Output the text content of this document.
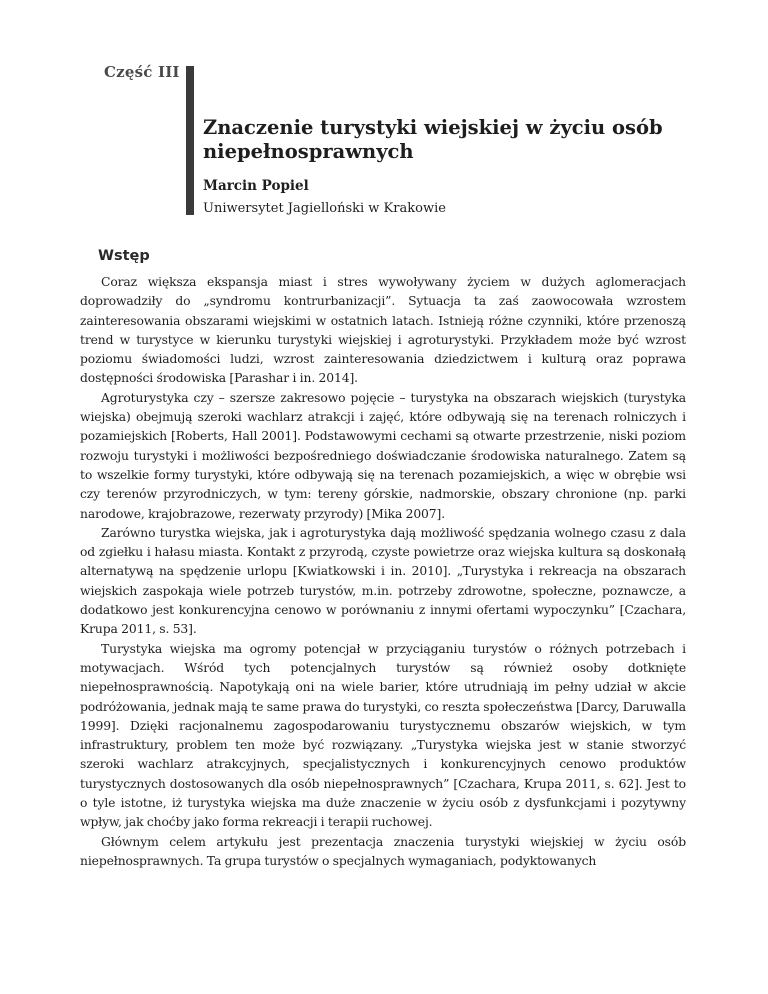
Część III
Znaczenie turystyki wiejskiej w życiu osób niepełnosprawnych
Marcin Popiel
Uniwersytet Jagielloński w Krakowie
Wstęp

Coraz większa ekspansja miast i stres wywoływany życiem w dużych aglomeracjach doprowadziły do „syndromu kontrurbanizacji”. Sytuacja ta zaś zaowocowała wzrostem zainteresowania obszarami wiejskimi w ostatnich latach. Istnieją różne czynniki, które przenoszą trend w turystyce w kierunku turystyki wiejskiej i agroturystyki. Przykładem może być wzrost poziomu świadomości ludzi, wzrost zainteresowania dziedzictwem i kulturą oraz poprawa dostępności środowiska [Parashar i in. 2014].

Agroturystyka czy – szersze zakresowo pojęcie – turystyka na obszarach wiejskich (turystyka wiejska) obejmują szeroki wachlarz atrakcji i zajęć, które odbywają się na terenach rolniczych i pozamiejskich [Roberts, Hall 2001]. Podstawowymi cechami są otwarte przestrzenie, niski poziom rozwoju turystyki i możliwości bezpośredniego doświadczanie środowiska naturalnego. Zatem są to wszelkie formy turystyki, które odbywają się na terenach pozamiejskich, a więc w obrębie wsi czy terenów przyrodniczych, w tym: tereny górskie, nadmorskie, obszary chronione (np. parki narodowe, krajobrazowe, rezerwaty przyrody) [Mika 2007].

Zarówno turystka wiejska, jak i agroturystyka dają możliwość spędzania wolnego czasu z dala od zgiełku i hałasu miasta. Kontakt z przyrodą, czyste powietrze oraz wiejska kultura są doskonałą alternatywą na spędzenie urlopu [Kwiatkowski i in. 2010]. „Turystyka i rekreacja na obszarach wiejskich zaspokaja wiele potrzeb turystów, m.in. potrzeby zdrowotne, społeczne, poznawcze, a dodatkowo jest konkurencyjna cenowo w porównaniu z innymi ofertami wypoczynku” [Czachara, Krupa 2011, s. 53].

Turystyka wiejska ma ogromy potencjał w przyciąganiu turystów o różnych potrzebach i motywacjach. Wśród tych potencjalnych turystów są również osoby dotknięte niepełnosprawnością. Napotykają oni na wiele barier, które utrudniają im pełny udział w akcie podróżowania, jednak mają te same prawa do turystyki, co reszta społeczeństwa [Darcy, Daruwalla 1999]. Dzięki racjonalnemu zagospodarowaniu turystycznemu obszarów wiejskich, w tym infrastruktury, problem ten może być rozwiązany. „Turystyka wiejska jest w stanie stworzyć szeroki wachlarz atrakcyjnych, specjalistycznych i konkurencyjnych cenowo produktów turystycznych dostosowanych dla osób niepełnosprawnych” [Czachara, Krupa 2011, s. 62]. Jest to o tyle istotne, iż turystyka wiejska ma duże znaczenie w życiu osób z dysfunkcjami i pozytywny wpływ, jak choćby jako forma rekreacji i terapii ruchowej.

Głównym celem artykułu jest prezentacja znaczenia turystyki wiejskiej w życiu osób niepełnosprawnych. Ta grupa turystów o specjalnych wymaganiach, podyktowanych
